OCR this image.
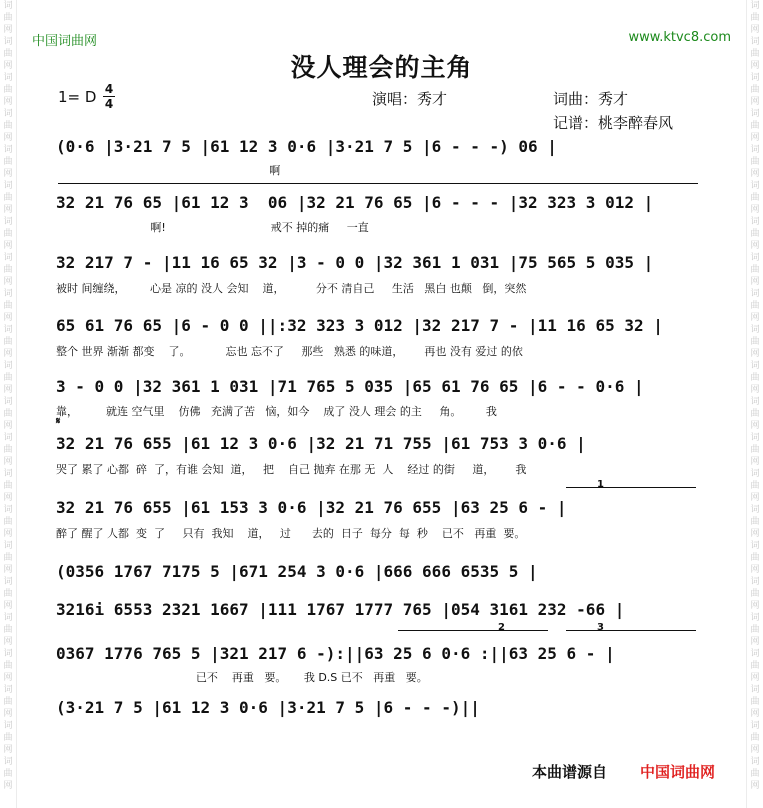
词
曲
网
词
曲
网
词
曲
网
词
曲
网
词
曲
网
词
曲
网
词
曲
网
词
曲
网
词
曲
网
词
曲
网
词
曲
网
词
曲
网
词
曲
网
词
曲
网
词
曲
网
词
曲
网
词
曲
网
词
曲
网
词
曲
网
词
曲
网
词
曲
网
词
曲
网
词
曲
网
词
曲
网
词
曲
网
词
曲
网
词
曲
网
词
曲
网
词
曲
网
词
曲
网
词
曲
网
词
曲
网
词
曲
网
词
曲
网
词
曲
网
词
曲
网
词
曲
网
词
曲
网
词
曲
网
词
曲
网
词
曲
网
词
曲
网
词
曲
网
词
曲
网
中国词曲网	www.ktvc8.com
没人理会的主角
1= D 4
4	演唱：秀才	词曲：秀才
记谱：桃李醉春风
(0·6 |3·21 7 5 |61 12 3 0·6 |3·21 7 5 |6 - - -) 06 |
啊
32 21 76 65 |61 12 3  06 |32 21 76 65 |6 - - - |32 323 3 012 |
啊!                              戒不 掉的痛     一直
32 217 7 - |11 16 65 32 |3 - 0 0 |32 361 1 031 |75 565 5 035 |
被时 间缠绕，       心是 凉的 没人 会知    道，         分不 清自己     生活   黑白 也颠   倒，突然
65 61 76 65 |6 - 0 0 ||:32 323 3 012 |32 217 7 - |11 16 65 32 |
整个 世界 渐渐 都变    了。          忘也 忘不了     那些   熟悉 的味道，      再也 没有 爱过 的依
3 - 0 0 |32 361 1 031 |71 765 5 035 |65 61 76 65 |6 - - 0·6 |
靠，        就连 空气里    仿佛   充满了苦   恼，如今    成了 没人 理会 的主     角。       我
𝄋
32 21 76 655 |61 12 3 0·6 |32 21 71 755 |61 753 3 0·6 |
哭了 累了 心都  碎  了，有谁 会知  道，   把    自己 抛弃 在那 无  人    经过 的街     道，      我
1
32 21 76 655 |61 153 3 0·6 |32 21 76 655 |63 25 6 - |
醉了 醒了 人都  变  了     只有  我知    道，   过      去的  日子  每分  每  秒    已不   再重  要。
(0356 1767 7175 5 |671 254 3 0·6 |666 666 6535 5 |
3216i 6553 2321 1667 |111 1767 1777 765 |054 3161 232 -66 |
2	3
0367 1776 765 5 |321 217 6 -):||63 25 6 0·6 :||63 25 6 - |
已不    再重   要。     我 D.S 已不   再重   要。
(3·21 7 5 |61 12 3 0·6 |3·21 7 5 |6 - - -)||
本曲谱源自 中国词曲网
